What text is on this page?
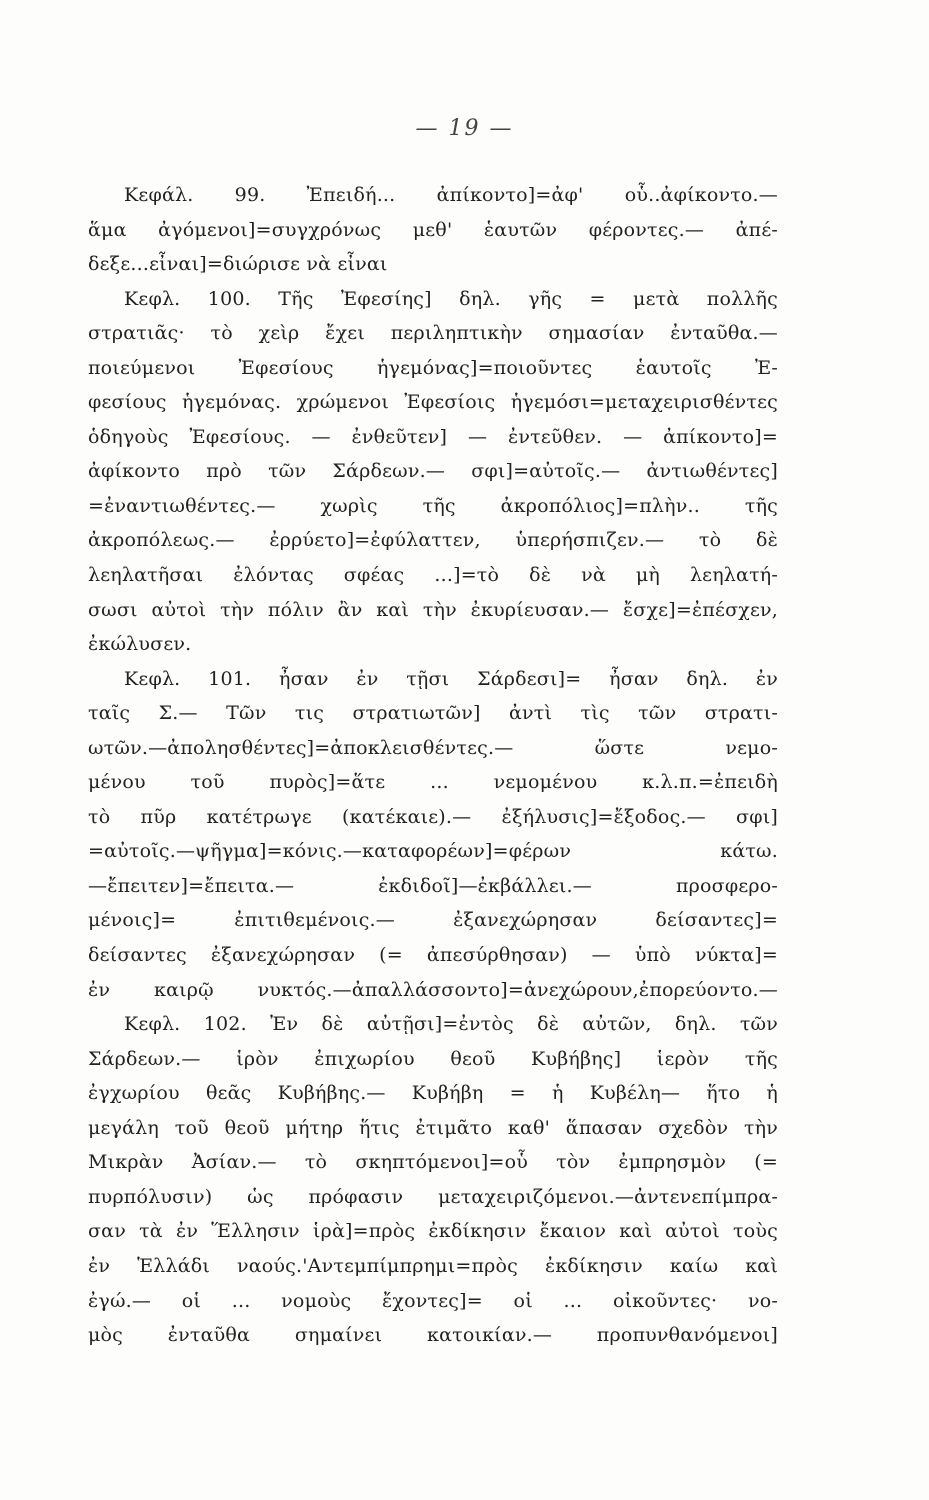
— 19 —
Κεφάλ. 99. Ἐπειδή... ἀπίκοντο]=ἀφ' οὗ..ἀφίκοντο.—
ἅμα ἀγόμενοι]=συγχρόνως μεθ' ἑαυτῶν φέροντες.— ἀπέ-
δεξε...εἶναι]=διώρισε νὰ εἶναι
Κεφλ. 100. Τῆς Ἐφεσίης] δηλ. γῆς = μετὰ πολλῆς
στρατιᾶς· τὸ χεὶρ ἔχει περιληπτικὴν σημασίαν ἐνταῦθα.—
ποιεύμενοι Ἐφεσίους ἡγεμόνας]=ποιοῦντες ἑαυτοῖς Ἐ-
φεσίους ἡγεμόνας. χρώμενοι Ἐφεσίοις ἡγεμόσι=μεταχειρισθέντες
ὁδηγοὺς Ἐφεσίους. — ἐνθεῦτεν] — ἐντεῦθεν. — ἀπίκοντο]=
ἀφίκοντο πρὸ τῶν Σάρδεων.— σφι]=αὐτοῖς.— ἀντιωθέντες]
=ἐναντιωθέντες.— χωρὶς τῆς ἀκροπόλιος]=πλὴν.. τῆς
ἀκροπόλεως.— ἐρρύετο]=ἐφύλαττεν, ὑπερήσπιζεν.— τὸ δὲ
λεηλατῆσαι ἐλόντας σφέας ...]=τὸ δὲ νὰ μὴ λεηλατή-
σωσι αὐτοὶ τὴν πόλιν ἂν καὶ τὴν ἐκυρίευσαν.— ἔσχε]=ἐπέσχεν,
ἐκώλυσεν.
Κεφλ. 101. ἦσαν ἐν τῇσι Σάρδεσι]= ἦσαν δηλ. ἐν
ταῖς Σ.— Τῶν τις στρατιωτῶν] ἀντὶ τὶς τῶν στρατι-
ωτῶν.—ἀπολησθέντες]=ἀποκλεισθέντες.— ὥστε νεμο-
μένου τοῦ πυρὸς]=ἅτε ... νεμομένου κ.λ.π.=ἐπειδὴ
τὸ πῦρ κατέτρωγε (κατέκαιε).— ἐξήλυσις]=ἔξοδος.— σφι]
=αὐτοῖς.—ψῆγμα]=κόνις.—καταφορέων]=φέρων κάτω.
—ἔπειτεν]=ἔπειτα.— ἐκδιδοῖ]—ἐκβάλλει.— προσφερο-
μένοις]= ἐπιτιθεμένοις.— ἐξανεχώρησαν δείσαντες]=
δείσαντες ἐξανεχώρησαν (= ἀπεσύρθησαν) — ὑπὸ νύκτα]=
ἐν καιρῷ νυκτός.—ἀπαλλάσσοντο]=ἀνεχώρουν,ἐπορεύοντο.—
Κεφλ. 102. Ἐν δὲ αὐτῇσι]=ἐντὸς δὲ αὐτῶν, δηλ. τῶν
Σάρδεων.— ἱρὸν ἐπιχωρίου θεοῦ Κυβήβης] ἱερὸν τῆς
ἐγχωρίου θεᾶς Κυβήβης.— Κυβήβη = ἡ Κυβέλη— ἥτο ἡ
μεγάλη τοῦ θεοῦ μήτηρ ἥτις ἐτιμᾶτο καθ' ἅπασαν σχεδὸν τὴν
Μικρὰν Ἀσίαν.— τὸ σκηπτόμενοι]=οὗ τὸν ἐμπρησμὸν (=
πυρπόλυσιν) ὡς πρόφασιν μεταχειριζόμενοι.—ἀντενεπίμπρα-
σαν τὰ ἐν Ἕλλησιν ἱρὰ]=πρὸς ἐκδίκησιν ἔκαιον καὶ αὐτοὶ τοὺς
ἐν Ἑλλάδι ναούς.'Αντεμπίμπρημι=πρὸς ἐκδίκησιν καίω καὶ
ἐγώ.— οἱ ... νομοὺς ἔχοντες]= οἱ ... οἰκοῦντες· νο-
μὸς ἐνταῦθα σημαίνει κατοικίαν.— προπυνθανόμενοι]
